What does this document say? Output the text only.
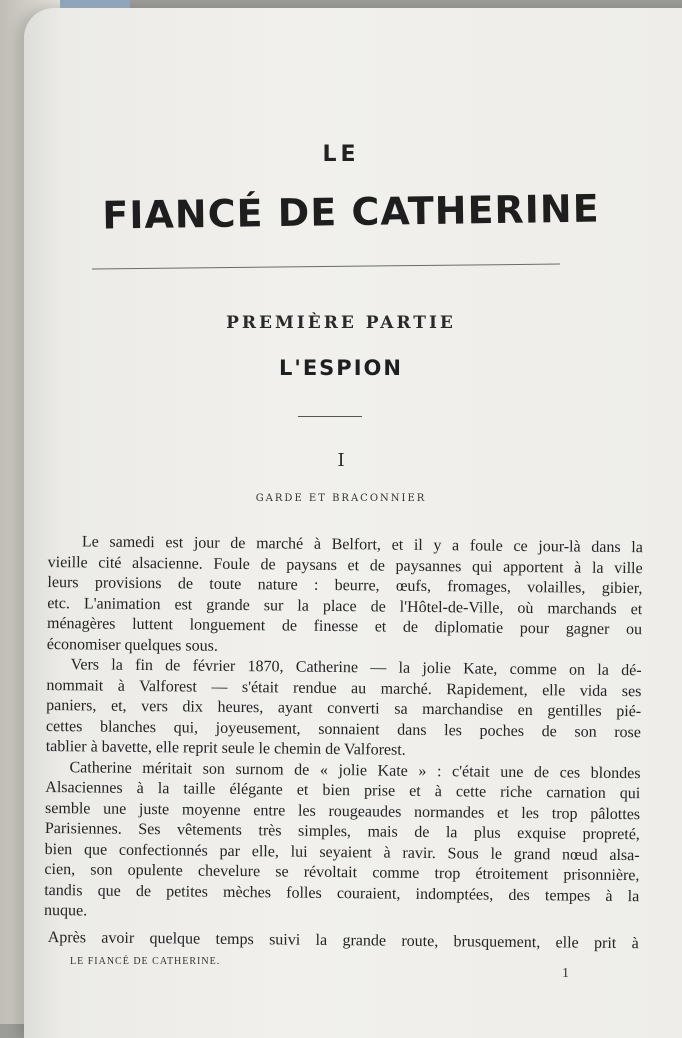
LE
FIANCÉ DE CATHERINE
PREMIÈRE PARTIE
L'ESPION
I
GARDE ET BRACONNIER
Le samedi est jour de marché à Belfort, et il y a foule ce jour-là dans la
vieille cité alsacienne. Foule de paysans et de paysannes qui apportent à la ville
leurs provisions de toute nature : beurre, œufs, fromages, volailles, gibier,
etc. L'animation est grande sur la place de l'Hôtel-de-Ville, où marchands et
ménagères luttent longuement de finesse et de diplomatie pour gagner ou
économiser quelques sous.
Vers la fin de février 1870, Catherine — la jolie Kate, comme on la dé-
nommait à Valforest — s'était rendue au marché. Rapidement, elle vida ses
paniers, et, vers dix heures, ayant converti sa marchandise en gentilles pié-
cettes blanches qui, joyeusement, sonnaient dans les poches de son rose
tablier à bavette, elle reprit seule le chemin de Valforest.
Catherine méritait son surnom de « jolie Kate » : c'était une de ces blondes
Alsaciennes à la taille élégante et bien prise et à cette riche carnation qui
semble une juste moyenne entre les rougeaudes normandes et les trop pâlottes
Parisiennes. Ses vêtements très simples, mais de la plus exquise propreté,
bien que confectionnés par elle, lui seyaient à ravir. Sous le grand nœud alsa-
cien, son opulente chevelure se révoltait comme trop étroitement prisonnière,
tandis que de petites mèches folles couraient, indomptées, des tempes à la
nuque.
Après avoir quelque temps suivi la grande route, brusquement, elle prit à
LE FIANCÉ DE CATHERINE.
1
